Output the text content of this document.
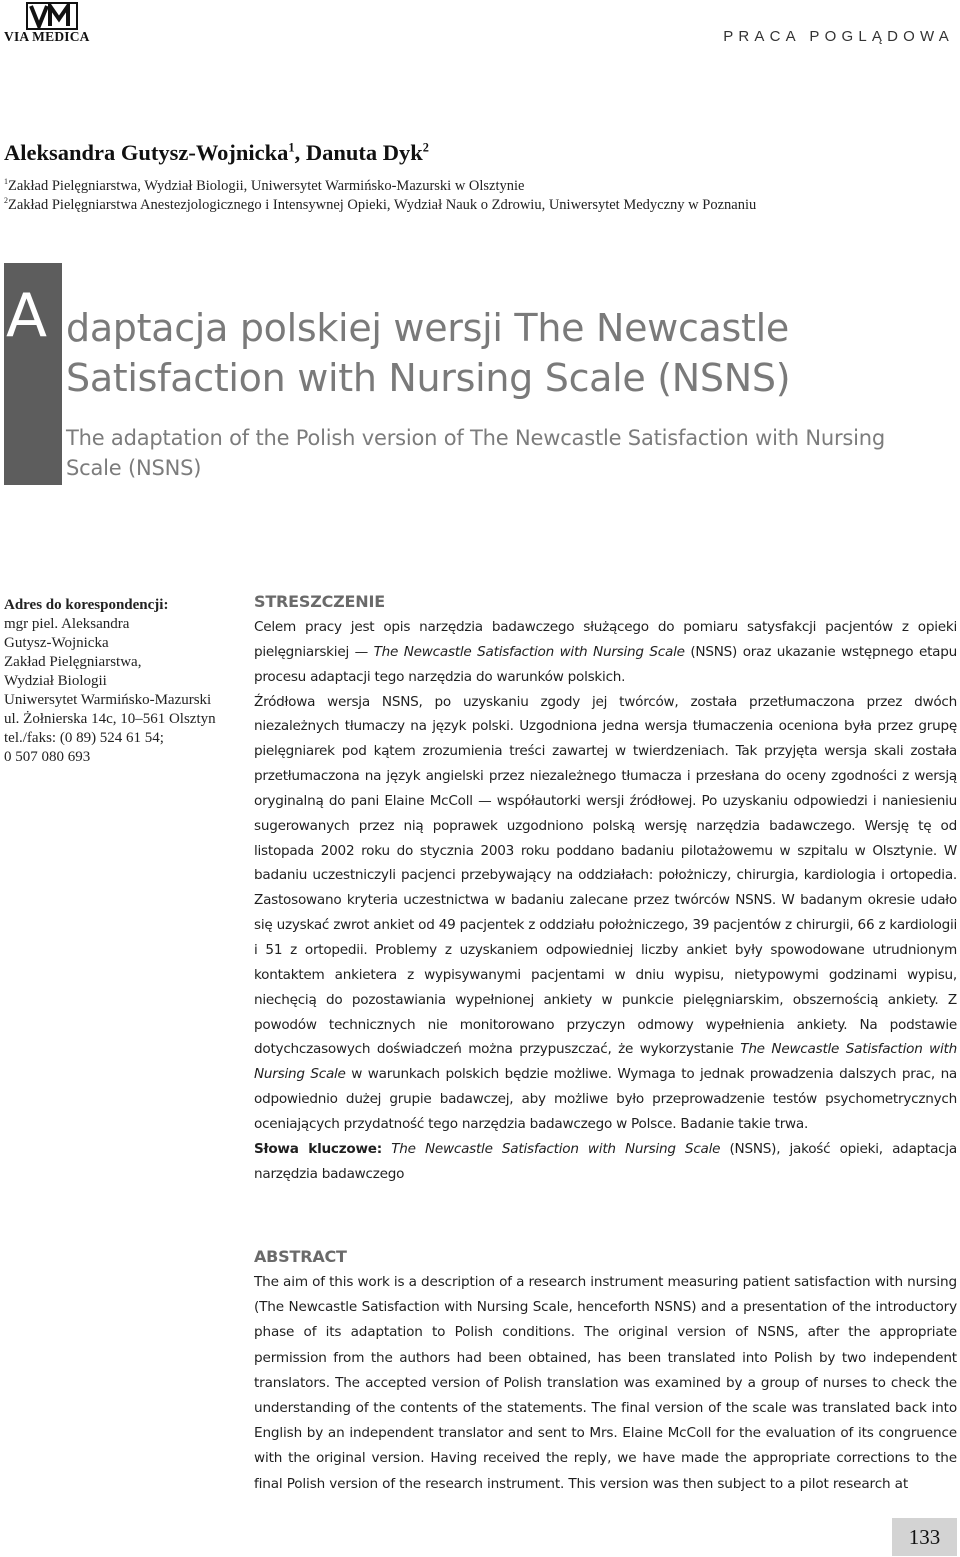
VIA MEDICA	PRACA POGLĄDOWA
Aleksandra Gutysz-Wojnicka$^1$, Danuta Dyk$^2$
$^1$Zakład Pielęgniarstwa, Wydział Biologii, Uniwersytet Warmińsko-Mazurski w Olsztynie
$^2$Zakład Pielęgniarstwa Anestezjologicznego i Intensywnej Opieki, Wydział Nauk o Zdrowiu, Uniwersytet Medyczny w Poznaniu
A daptacja polskiej wersji The Newcastle
Satisfaction with Nursing Scale (NSNS)
The adaptation of the Polish version of The Newcastle Satisfaction with Nursing Scale (NSNS)
Adres do korespondencji:
mgr piel. Aleksandra
Gutysz-Wojnicka
Zakład Pielęgniarstwa,
Wydział Biologii
Uniwersytet Warmińsko-Mazurski
ul. Żołnierska 14c, 10–561 Olsztyn
tel./faks: (0 89) 524 61 54;
0 507 080 693
STRESZCZENIE

Celem pracy jest opis narzędzia badawczego służącego do pomiaru satysfakcji pacjentów z opieki pielęgniarskiej — The Newcastle Satisfaction with Nursing Scale (NSNS) oraz ukazanie wstępnego etapu procesu adaptacji tego narzędzia do warunków polskich.

Źródłowa wersja NSNS, po uzyskaniu zgody jej twórców, została przetłumaczona przez dwóch niezależnych tłumaczy na język polski. Uzgodniona jedna wersja tłumaczenia oceniona była przez grupę pielęgniarek pod kątem zrozumienia treści zawartej w twierdzeniach. Tak przyjęta wersja skali została przetłumaczona na język angielski przez niezależnego tłumacza i przesłana do oceny zgodności z wersją oryginalną do pani Elaine McColl — współautorki wersji źródłowej. Po uzyskaniu odpowiedzi i naniesieniu sugerowanych przez nią poprawek uzgodniono polską wersję narzędzia badawczego. Wersję tę od listopada 2002 roku do stycznia 2003 roku poddano badaniu pilotażowemu w szpitalu w Olsztynie. W badaniu uczestniczyli pacjenci przebywający na oddziałach: położniczy, chirurgia, kardiologia i ortopedia. Zastosowano kryteria uczestnictwa w badaniu zalecane przez twórców NSNS. W badanym okresie udało się uzyskać zwrot ankiet od 49 pacjentek z oddziału położniczego, 39 pacjentów z chirurgii, 66 z kardiologii i 51 z ortopedii. Problemy z uzyskaniem odpowiedniej liczby ankiet były spowodowane utrudnionym kontaktem ankietera z wypisywanymi pacjentami w dniu wypisu, nietypowymi godzinami wypisu, niechęcią do pozostawiania wypełnionej ankiety w punkcie pielęgniarskim, obszernością ankiety. Z powodów technicznych nie monitorowano przyczyn odmowy wypełnienia ankiety. Na podstawie dotychczasowych doświadczeń można przypuszczać, że wykorzystanie The Newcastle Satisfaction with Nursing Scale w warunkach polskich będzie możliwe. Wymaga to jednak prowadzenia dalszych prac, na odpowiednio dużej grupie badawczej, aby możliwe było przeprowadzenie testów psychometrycznych oceniających przydatność tego narzędzia badawczego w Polsce. Badanie takie trwa.

Słowa kluczowe: The Newcastle Satisfaction with Nursing Scale (NSNS), jakość opieki, adaptacja narzędzia badawczego

ABSTRACT

The aim of this work is a description of a research instrument measuring patient satisfaction with nursing (The Newcastle Satisfaction with Nursing Scale, henceforth NSNS) and a presentation of the introductory phase of its adaptation to Polish conditions. The original version of NSNS, after the appropriate permission from the authors had been obtained, has been translated into Polish by two independent translators. The accepted version of Polish translation was examined by a group of nurses to check the understanding of the contents of the statements. The final version of the scale was translated back into English by an independent translator and sent to Mrs. Elaine McColl for the evaluation of its congruence with the original version. Having received the reply, we have made the appropriate corrections to the final Polish version of the research instrument. This version was then subject to a pilot research at

133
